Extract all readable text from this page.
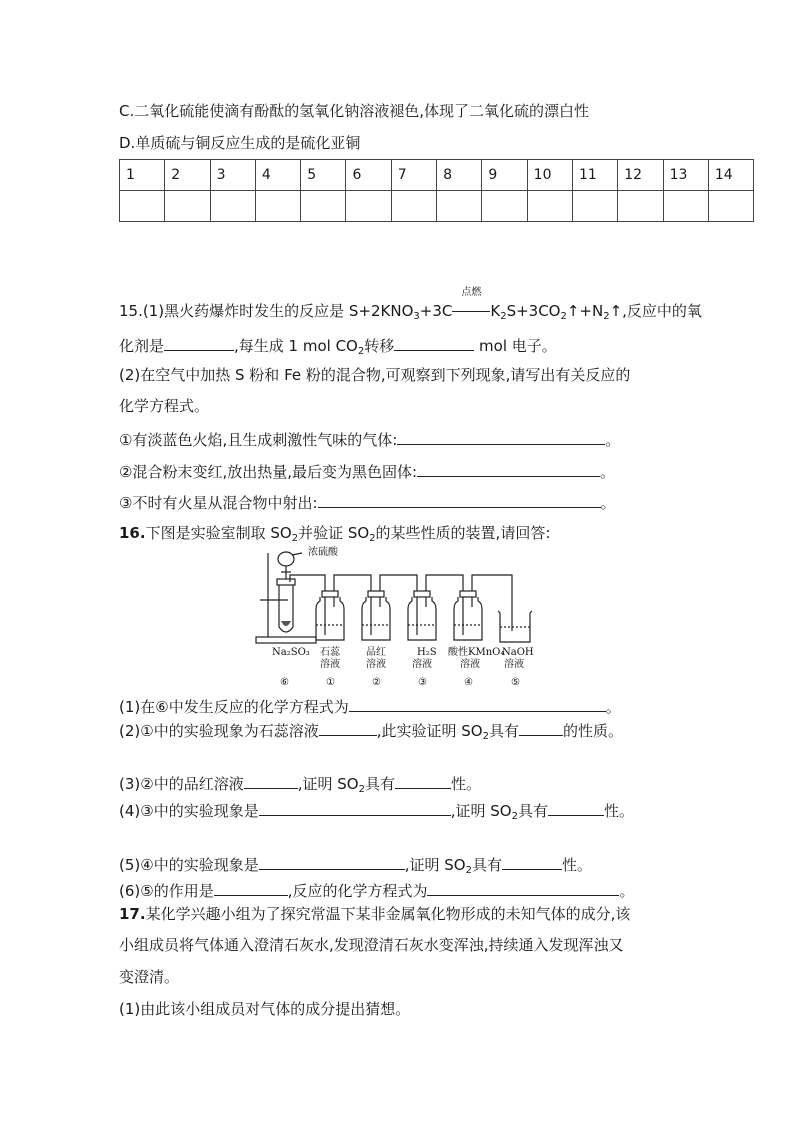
C.二氧化硫能使滴有酚酞的氢氧化钠溶液褪色,体现了二氧化硫的漂白性
D.单质硫与铜反应生成的是硫化亚铜
1	2	3	4	5	6	7	8	9	10	11	12	13	14

15.(1)黑火药爆炸时发生的反应是 $S+2KNO_3+3C$
点燃
$K_2S+3CO_2↑+N_2↑$,反应中的氧
化剂是	,每生成 1 mol $CO_2$转移	mol 电子。
(2)在空气中加热 S 粉和 Fe 粉的混合物,可观察到下列现象,请写出有关反应的
化学方程式。
①有淡蓝色火焰,且生成刺激性气味的气体:	。
②混合粉末变红,放出热量,最后变为黑色固体:	。
③不时有火星从混合物中射出:	。
16.下图是实验室制取 $SO_2$并验证 $SO_2$的某些性质的装置,请回答:
浓硫酸
Na₂SO₃ 石蕊
溶液
品红
溶液
H₂S
溶液
酸性KMnO₄
溶液
NaOH
溶液
⑥	①	②	③	④	⑤
(1)在⑥中发生反应的化学方程式为	。
(2)①中的实验现象为石蕊溶液	,此实验证明 $SO_2$具有	的性质。
(3)②中的品红溶液	,证明 $SO_2$具有	性。
(4)③中的实验现象是	,证明 $SO_2$具有	性。
(5)④中的实验现象是	,证明 $SO_2$具有	性。
(6)⑤的作用是	,反应的化学方程式为	。
17.某化学兴趣小组为了探究常温下某非金属氧化物形成的未知气体的成分,该
小组成员将气体通入澄清石灰水,发现澄清石灰水变浑浊,持续通入发现浑浊又
变澄清。
(1)由此该小组成员对气体的成分提出猜想。
